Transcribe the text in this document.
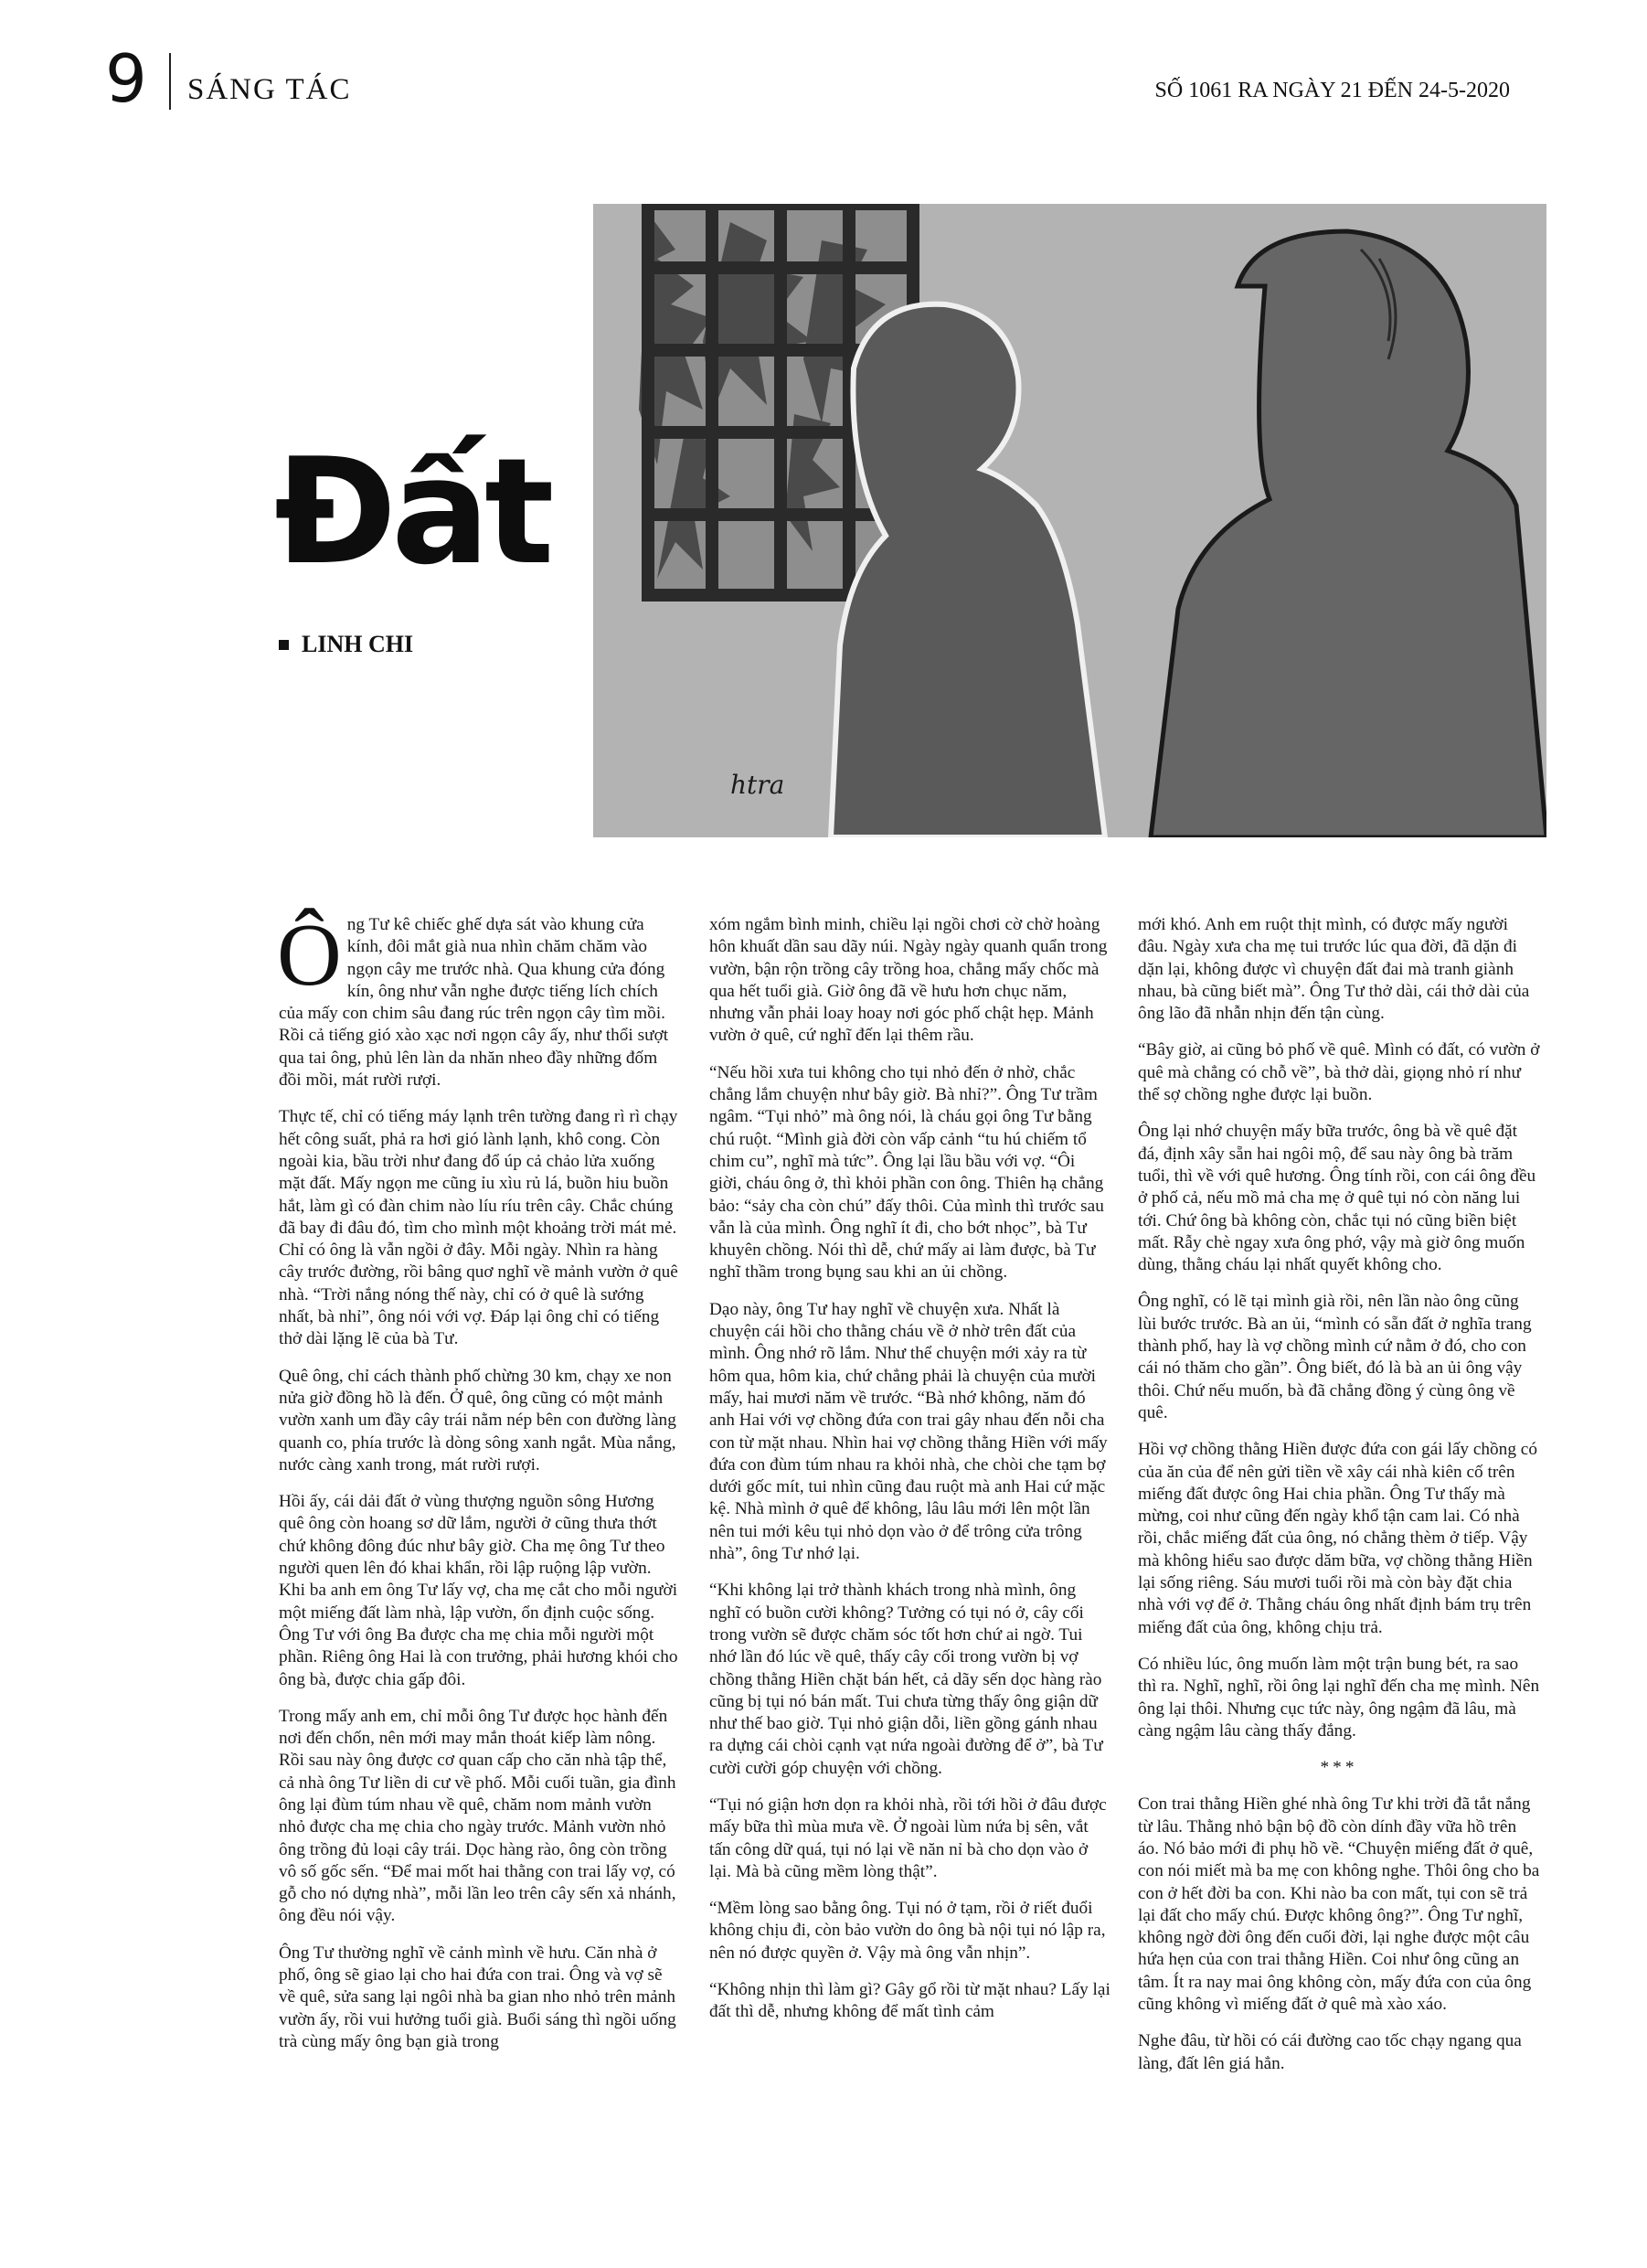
9 SÁNG TÁC	SỐ 1061 RA NGÀY 21 ĐẾN 24-5-2020
htra
Đất
LINH CHI

Ông Tư kê chiếc ghế dựa sát vào khung cửa kính, đôi mắt già nua nhìn chăm chăm vào ngọn cây me trước nhà. Qua khung cửa đóng kín, ông như vẫn nghe được tiếng lích chích của mấy con chim sâu đang rúc trên ngọn cây tìm mồi. Rồi cả tiếng gió xào xạc nơi ngọn cây ấy, như thổi sượt qua tai ông, phủ lên làn da nhăn nheo đầy những đốm đồi mồi, mát rười rượi.

Thực tế, chỉ có tiếng máy lạnh trên tường đang rì rì chạy hết công suất, phả ra hơi gió lành lạnh, khô cong. Còn ngoài kia, bầu trời như đang đổ úp cả chảo lửa xuống mặt đất. Mấy ngọn me cũng ỉu xìu rủ lá, buồn hiu buồn hắt, làm gì có đàn chim nào líu ríu trên cây. Chắc chúng đã bay đi đâu đó, tìm cho mình một khoảng trời mát mẻ. Chỉ có ông là vẫn ngồi ở đây. Mỗi ngày. Nhìn ra hàng cây trước đường, rồi bâng quơ nghĩ về mảnh vườn ở quê nhà. “Trời nắng nóng thế này, chỉ có ở quê là sướng nhất, bà nhỉ”, ông nói với vợ. Đáp lại ông chỉ có tiếng thở dài lặng lẽ của bà Tư.

Quê ông, chỉ cách thành phố chừng 30 km, chạy xe non nửa giờ đồng hồ là đến. Ở quê, ông cũng có một mảnh vườn xanh um đầy cây trái nằm nép bên con đường làng quanh co, phía trước là dòng sông xanh ngắt. Mùa nắng, nước càng xanh trong, mát rười rượi.

Hồi ấy, cái dải đất ở vùng thượng nguồn sông Hương quê ông còn hoang sơ dữ lắm, người ở cũng thưa thớt chứ không đông đúc như bây giờ. Cha mẹ ông Tư theo người quen lên đó khai khẩn, rồi lập ruộng lập vườn. Khi ba anh em ông Tư lấy vợ, cha mẹ cắt cho mỗi người một miếng đất làm nhà, lập vườn, ổn định cuộc sống. Ông Tư với ông Ba được cha mẹ chia mỗi người một phần. Riêng ông Hai là con trưởng, phải hương khói cho ông bà, được chia gấp đôi.

Trong mấy anh em, chỉ mỗi ông Tư được học hành đến nơi đến chốn, nên mới may mắn thoát kiếp làm nông. Rồi sau này ông được cơ quan cấp cho căn nhà tập thể, cả nhà ông Tư liền di cư về phố. Mỗi cuối tuần, gia đình ông lại đùm túm nhau về quê, chăm nom mảnh vườn nhỏ được cha mẹ chia cho ngày trước. Mảnh vườn nhỏ ông trồng đủ loại cây trái. Dọc hàng rào, ông còn trồng vô số gốc sến. “Để mai mốt hai thằng con trai lấy vợ, có gỗ cho nó dựng nhà”, mỗi lần leo trên cây sến xả nhánh, ông đều nói vậy.

Ông Tư thường nghĩ về cảnh mình về hưu. Căn nhà ở phố, ông sẽ giao lại cho hai đứa con trai. Ông và vợ sẽ về quê, sửa sang lại ngôi nhà ba gian nho nhỏ trên mảnh vườn ấy, rồi vui hưởng tuổi già. Buổi sáng thì ngồi uống trà cùng mấy ông bạn già trong

xóm ngắm bình minh, chiều lại ngồi chơi cờ chờ hoàng hôn khuất dần sau dãy núi. Ngày ngày quanh quẩn trong vườn, bận rộn trồng cây trồng hoa, chẳng mấy chốc mà qua hết tuổi già. Giờ ông đã về hưu hơn chục năm, nhưng vẫn phải loay hoay nơi góc phố chật hẹp. Mảnh vườn ở quê, cứ nghĩ đến lại thêm rầu.

“Nếu hồi xưa tui không cho tụi nhỏ đến ở nhờ, chắc chẳng lắm chuyện như bây giờ. Bà nhỉ?”. Ông Tư trầm ngâm. “Tụi nhỏ” mà ông nói, là cháu gọi ông Tư bằng chú ruột. “Mình già đời còn vấp cảnh “tu hú chiếm tổ chim cu”, nghĩ mà tức”. Ông lại lầu bầu với vợ. “Ôi giời, cháu ông ở, thì khỏi phần con ông. Thiên hạ chẳng bảo: “sảy cha còn chú” đấy thôi. Của mình thì trước sau vẫn là của mình. Ông nghĩ ít đi, cho bớt nhọc”, bà Tư khuyên chồng. Nói thì dễ, chứ mấy ai làm được, bà Tư nghĩ thầm trong bụng sau khi an ủi chồng.

Dạo này, ông Tư hay nghĩ về chuyện xưa. Nhất là chuyện cái hồi cho thằng cháu về ở nhờ trên đất của mình. Ông nhớ rõ lắm. Như thể chuyện mới xảy ra từ hôm qua, hôm kia, chứ chẳng phải là chuyện của mười mấy, hai mươi năm về trước. “Bà nhớ không, năm đó anh Hai với vợ chồng đứa con trai gây nhau đến nỗi cha con từ mặt nhau. Nhìn hai vợ chồng thằng Hiền với mấy đứa con đùm túm nhau ra khỏi nhà, che chòi che tạm bợ dưới gốc mít, tui nhìn cũng đau ruột mà anh Hai cứ mặc kệ. Nhà mình ở quê để không, lâu lâu mới lên một lần nên tui mới kêu tụi nhỏ dọn vào ở để trông cửa trông nhà”, ông Tư nhớ lại.

“Khi không lại trở thành khách trong nhà mình, ông nghĩ có buồn cười không? Tưởng có tụi nó ở, cây cối trong vườn sẽ được chăm sóc tốt hơn chứ ai ngờ. Tui nhớ lần đó lúc về quê, thấy cây cối trong vườn bị vợ chồng thằng Hiền chặt bán hết, cả dãy sến dọc hàng rào cũng bị tụi nó bán mất. Tui chưa từng thấy ông giận dữ như thế bao giờ. Tụi nhỏ giận dỗi, liền gồng gánh nhau ra dựng cái chòi cạnh vạt nứa ngoài đường để ở”, bà Tư cười cười góp chuyện với chồng.

“Tụi nó giận hơn dọn ra khỏi nhà, rồi tới hồi ở đâu được mấy bữa thì mùa mưa về. Ở ngoài lùm nứa bị sên, vắt tấn công dữ quá, tụi nó lại về năn nỉ bà cho dọn vào ở lại. Mà bà cũng mềm lòng thật”.

“Mềm lòng sao bằng ông. Tụi nó ở tạm, rồi ở riết đuổi không chịu đi, còn bảo vườn do ông bà nội tụi nó lập ra, nên nó được quyền ở. Vậy mà ông vẫn nhịn”.

“Không nhịn thì làm gì? Gây gổ rồi từ mặt nhau? Lấy lại đất thì dễ, nhưng không để mất tình cảm

mới khó. Anh em ruột thịt mình, có được mấy người đâu. Ngày xưa cha mẹ tui trước lúc qua đời, đã dặn đi dặn lại, không được vì chuyện đất đai mà tranh giành nhau, bà cũng biết mà”. Ông Tư thở dài, cái thở dài của ông lão đã nhẫn nhịn đến tận cùng.

“Bây giờ, ai cũng bỏ phố về quê. Mình có đất, có vườn ở quê mà chẳng có chỗ về”, bà thở dài, giọng nhỏ rí như thể sợ chồng nghe được lại buồn.

Ông lại nhớ chuyện mấy bữa trước, ông bà về quê đặt đá, định xây sẵn hai ngôi mộ, để sau này ông bà trăm tuổi, thì về với quê hương. Ông tính rồi, con cái ông đều ở phố cả, nếu mồ mả cha mẹ ở quê tụi nó còn năng lui tới. Chứ ông bà không còn, chắc tụi nó cũng biền biệt mất. Rẫy chè ngay xưa ông phớ, vậy mà giờ ông muốn dùng, thằng cháu lại nhất quyết không cho.

Ông nghĩ, có lẽ tại mình già rồi, nên lần nào ông cũng lùi bước trước. Bà an ủi, “mình có sẵn đất ở nghĩa trang thành phố, hay là vợ chồng mình cứ nằm ở đó, cho con cái nó thăm cho gần”. Ông biết, đó là bà an ủi ông vậy thôi. Chứ nếu muốn, bà đã chẳng đồng ý cùng ông về quê.

Hồi vợ chồng thằng Hiền được đứa con gái lấy chồng có của ăn của để nên gửi tiền về xây cái nhà kiên cố trên miếng đất được ông Hai chia phần. Ông Tư thấy mà mừng, coi như cũng đến ngày khổ tận cam lai. Có nhà rồi, chắc miếng đất của ông, nó chẳng thèm ở tiếp. Vậy mà không hiểu sao được dăm bữa, vợ chồng thằng Hiền lại sống riêng. Sáu mươi tuổi rồi mà còn bày đặt chia nhà với vợ để ở. Thằng cháu ông nhất định bám trụ trên miếng đất của ông, không chịu trả.

Có nhiều lúc, ông muốn làm một trận bung bét, ra sao thì ra. Nghĩ, nghĩ, rồi ông lại nghĩ đến cha mẹ mình. Nên ông lại thôi. Nhưng cục tức này, ông ngậm đã lâu, mà càng ngậm lâu càng thấy đắng.

***

Con trai thằng Hiền ghé nhà ông Tư khi trời đã tắt nắng từ lâu. Thằng nhỏ bận bộ đồ còn dính đầy vữa hồ trên áo. Nó bảo mới đi phụ hồ về. “Chuyện miếng đất ở quê, con nói miết mà ba mẹ con không nghe. Thôi ông cho ba con ở hết đời ba con. Khi nào ba con mất, tụi con sẽ trả lại đất cho mấy chú. Được không ông?”. Ông Tư nghĩ, không ngờ đời ông đến cuối đời, lại nghe được một câu hứa hẹn của con trai thằng Hiền. Coi như ông cũng an tâm. Ít ra nay mai ông không còn, mấy đứa con của ông cũng không vì miếng đất ở quê mà xào xáo.

Nghe đâu, từ hồi có cái đường cao tốc chạy ngang qua làng, đất lên giá hẳn.
